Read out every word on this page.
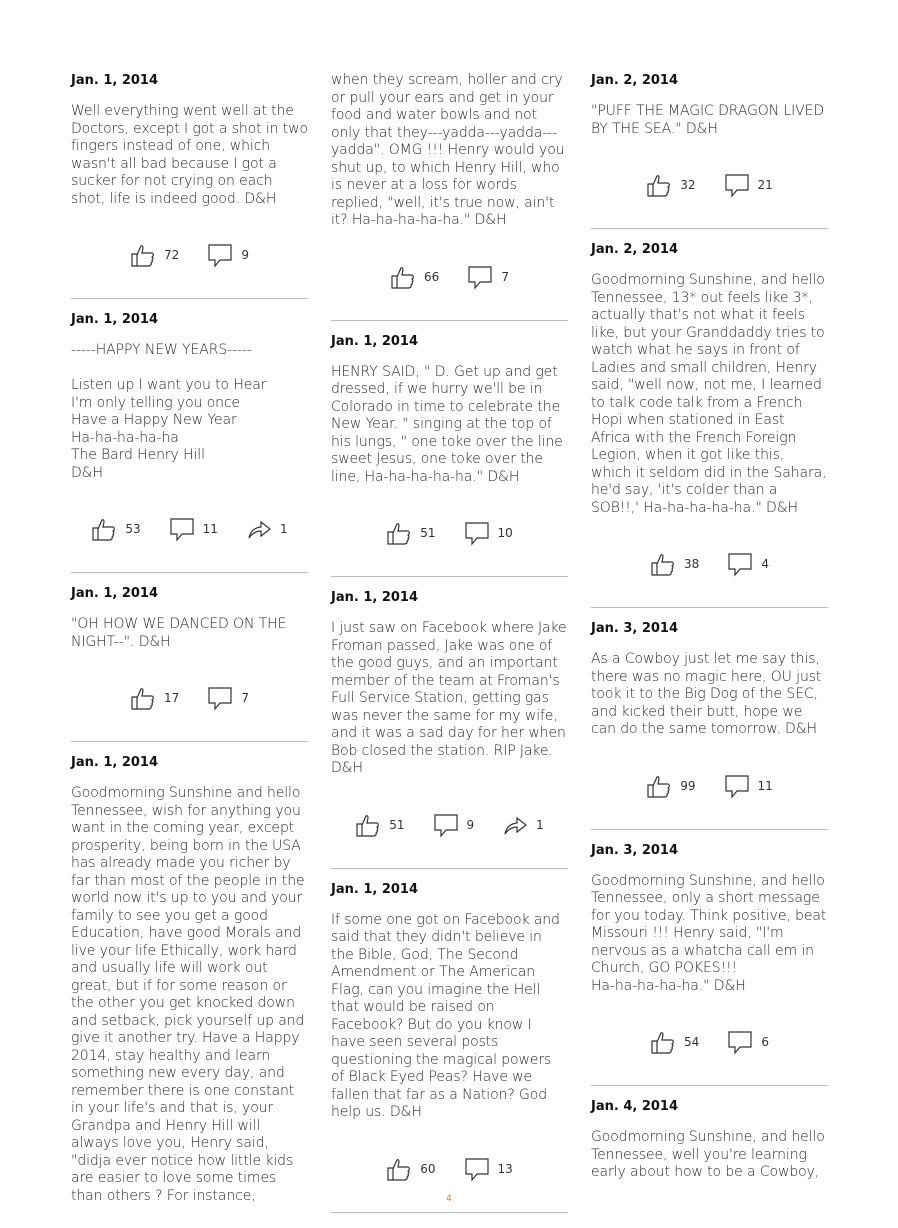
Jan. 1, 2014
Well everything went well at the Doctors, except I got a shot in two fingers instead of one, which wasn't all bad because I got a sucker for not crying on each shot, life is indeed good. D&H
72	9
Jan. 1, 2014
-----HAPPY NEW YEARS-----

Listen up I want you to Hear
I'm only telling you once
Have a Happy New Year
Ha-ha-ha-ha-ha
The Bard Henry Hill
D&H
53	11	1
Jan. 1, 2014
"OH HOW WE DANCED ON THE NIGHT--". D&H
17	7
Jan. 1, 2014
Goodmorning Sunshine and hello Tennessee, wish for anything you want in the coming year, except prosperity, being born in the USA has already made you richer by far than most of the people in the world now it's up to you and your family to see you get a good Education, have good Morals and live your life Ethically, work hard and usually life will work out great, but if for some reason or the other you get knocked down and setback, pick yourself up and give it another try. Have a Happy 2014, stay healthy and learn something new every day, and remember there is one constant in your life's and that is, your Grandpa and Henry Hill will always love you, Henry said, "didja ever notice how little kids are easier to love some times than others ? For instance,
when they scream, holler and cry or pull your ears and get in your food and water bowls and not only that they---yadda---yadda---yadda". OMG !!! Henry would you shut up, to which Henry Hill, who is never at a loss for words replied, "well, it's true now, ain't it? Ha-ha-ha-ha-ha." D&H
66	7
Jan. 1, 2014
HENRY SAID, " D. Get up and get dressed, if we hurry we'll be in Colorado in time to celebrate the New Year. " singing at the top of his lungs, " one toke over the line sweet Jesus, one toke over the line, Ha-ha-ha-ha-ha." D&H
51	10
Jan. 1, 2014
I just saw on Facebook where Jake Froman passed, Jake was one of the good guys, and an important member of the team at Froman's Full Service Station, getting gas was never the same for my wife, and it was a sad day for her when Bob closed the station. RIP Jake. D&H
51	9	1
Jan. 1, 2014
If some one got on Facebook and said that they didn't believe in the Bible, God, The Second Amendment or The American Flag, can you imagine the Hell that would be raised on Facebook? But do you know I have seen several posts questioning the magical powers of Black Eyed Peas? Have we fallen that far as a Nation? God help us. D&H
60	13
Jan. 2, 2014
"PUFF THE MAGIC DRAGON LIVED BY THE SEA." D&H
32	21
Jan. 2, 2014
Goodmorning Sunshine, and hello Tennessee, 13* out feels like 3*, actually that's not what it feels like, but your Granddaddy tries to watch what he says in front of Ladies and small children, Henry said, "well now, not me, I learned to talk code talk from a French Hopi when stationed in East Africa with the French Foreign Legion, when it got like this, which it seldom did in the Sahara, he'd say, 'it's colder than a SOB!!,' Ha-ha-ha-ha-ha." D&H
38	4
Jan. 3, 2014
As a Cowboy just let me say this, there was no magic here, OU just took it to the Big Dog of the SEC, and kicked their butt, hope we can do the same tomorrow. D&H
99	11
Jan. 3, 2014
Goodmorning Sunshine, and hello Tennessee, only a short message for you today. Think positive, beat Missouri !!! Henry said, "I'm nervous as a whatcha call em in Church, GO POKES!!!
Ha-ha-ha-ha-ha." D&H
54	6
Jan. 4, 2014
Goodmorning Sunshine, and hello Tennessee, well you're learning early about how to be a Cowboy,
4
